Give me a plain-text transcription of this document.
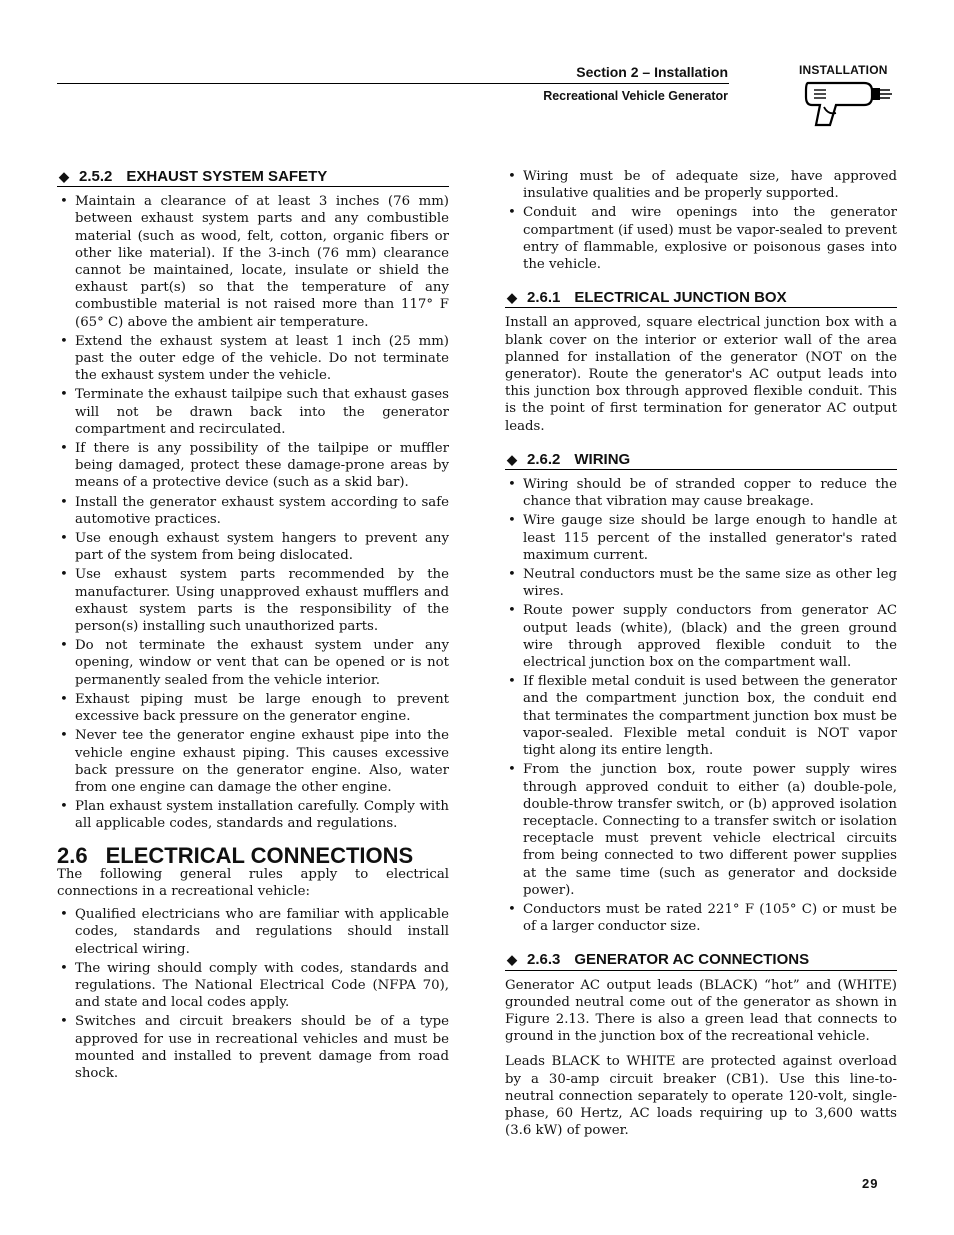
Section 2 – Installation
Recreational Vehicle Generator
INSTALLATION
◆ 2.5.2 EXHAUST SYSTEM SAFETY
• Maintain a clearance of at least 3 inches (76 mm) between exhaust system parts and any combustible material (such as wood, felt, cotton, organic fibers or other like material). If the 3-inch (76 mm) clearance cannot be maintained, locate, insulate or shield the exhaust part(s) so that the temperature of any combustible material is not raised more than 117° F (65° C) above the ambient air temperature.
• Extend the exhaust system at least 1 inch (25 mm) past the outer edge of the vehicle. Do not terminate the exhaust system under the vehicle.
• Terminate the exhaust tailpipe such that exhaust gases will not be drawn back into the generator compartment and recirculated.
• If there is any possibility of the tailpipe or muffler being damaged, protect these damage-prone areas by means of a protective device (such as a skid bar).
• Install the generator exhaust system according to safe automotive practices.
• Use enough exhaust system hangers to prevent any part of the system from being dislocated.
• Use exhaust system parts recommended by the manufacturer. Using unapproved exhaust mufflers and exhaust system parts is the responsibility of the person(s) installing such unauthorized parts.
• Do not terminate the exhaust system under any opening, window or vent that can be opened or is not permanently sealed from the vehicle interior.
• Exhaust piping must be large enough to prevent excessive back pressure on the generator engine.
• Never tee the generator engine exhaust pipe into the vehicle engine exhaust piping. This causes excessive back pressure on the generator engine. Also, water from one engine can damage the other engine.
• Plan exhaust system installation carefully. Comply with all applicable codes, standards and regulations.
2.6 ELECTRICAL CONNECTIONS

The following general rules apply to electrical connections in a recreational vehicle:

• Qualified electricians who are familiar with applicable codes, standards and regulations should install electrical wiring.
• The wiring should comply with codes, standards and regulations. The National Electrical Code (NFPA 70), and state and local codes apply.
• Switches and circuit breakers should be of a type approved for use in recreational vehicles and must be mounted and installed to prevent damage from road shock.
• Wiring must be of adequate size, have approved insulative qualities and be properly supported.
• Conduit and wire openings into the generator compartment (if used) must be vapor-sealed to prevent entry of flammable, explosive or poisonous gases into the vehicle.
◆ 2.6.1 ELECTRICAL JUNCTION BOX

Install an approved, square electrical junction box with a blank cover on the interior or exterior wall of the area planned for installation of the generator (NOT on the generator). Route the generator's AC output leads into this junction box through approved flexible conduit. This is the point of first termination for generator AC output leads.

◆ 2.6.2 WIRING
• Wiring should be of stranded copper to reduce the chance that vibration may cause breakage.
• Wire gauge size should be large enough to handle at least 115 percent of the installed generator's rated maximum current.
• Neutral conductors must be the same size as other leg wires.
• Route power supply conductors from generator AC output leads (white), (black) and the green ground wire through approved flexible conduit to the electrical junction box on the compartment wall.
• If flexible metal conduit is used between the generator and the compartment junction box, the conduit end that terminates the compartment junction box must be vapor-sealed. Flexible metal conduit is NOT vapor tight along its entire length.
• From the junction box, route power supply wires through approved conduit to either (a) double-pole, double-throw transfer switch, or (b) approved isolation receptacle. Connecting to a transfer switch or isolation receptacle must prevent vehicle electrical circuits from being connected to two different power supplies at the same time (such as generator and dockside power).
• Conductors must be rated 221° F (105° C) or must be of a larger conductor size.
◆ 2.6.3 GENERATOR AC CONNECTIONS

Generator AC output leads (BLACK) “hot” and (WHITE) grounded neutral come out of the generator as shown in Figure 2.13. There is also a green lead that connects to ground in the junction box of the recreational vehicle.

Leads BLACK to WHITE are protected against overload by a 30-amp circuit breaker (CB1). Use this line-to-neutral connection separately to operate 120-volt, single-phase, 60 Hertz, AC loads requiring up to 3,600 watts (3.6 kW) of power.

29
